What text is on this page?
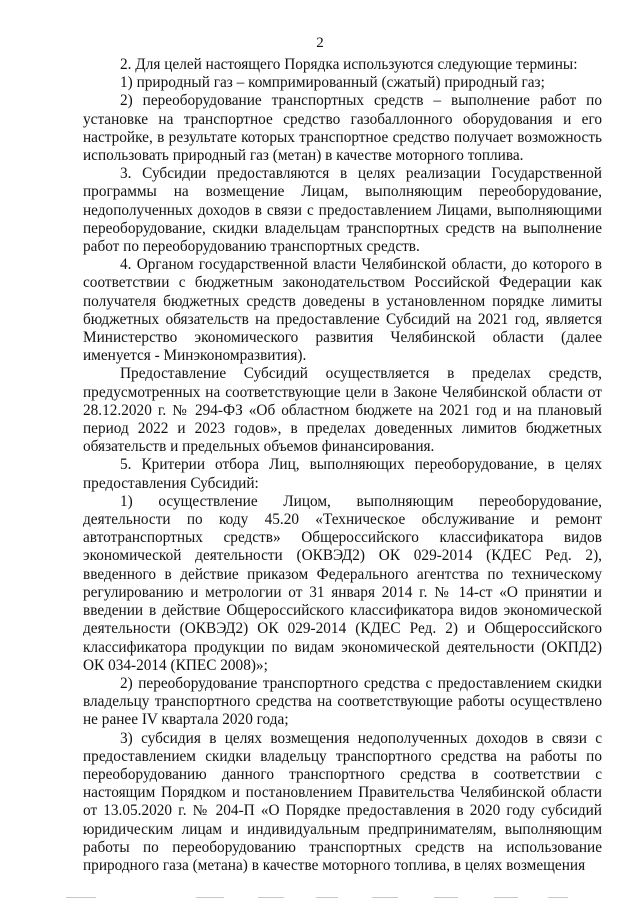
2

2. Для целей настоящего Порядка используются следующие термины:

1) природный газ – компримированный (сжатый) природный газ;

2) переоборудование транспортных средств – выполнение работ по установке на транспортное средство газобаллонного оборудования и его настройке, в результате которых транспортное средство получает возможность использовать природный газ (метан) в качестве моторного топлива.

3. Субсидии предоставляются в целях реализации Государственной программы на возмещение Лицам, выполняющим переоборудование, недополученных доходов в связи с предоставлением Лицами, выполняющими переоборудование, скидки владельцам транспортных средств на выполнение работ по переоборудованию транспортных средств.

4. Органом государственной власти Челябинской области, до которого в соответствии с бюджетным законодательством Российской Федерации как получателя бюджетных средств доведены в установленном порядке лимиты бюджетных обязательств на предоставление Субсидий на 2021 год, является Министерство экономического развития Челябинской области (далее именуется - Минэкономразвития).

Предоставление Субсидий осуществляется в пределах средств, предусмотренных на соответствующие цели в Законе Челябинской области от 28.12.2020 г. № 294-ФЗ «Об областном бюджете на 2021 год и на плановый период 2022 и 2023 годов», в пределах доведенных лимитов бюджетных обязательств и предельных объемов финансирования.

5. Критерии отбора Лиц, выполняющих переоборудование, в целях предоставления Субсидий:

1) осуществление Лицом, выполняющим переоборудование, деятельности по коду 45.20 «Техническое обслуживание и ремонт автотранспортных средств» Общероссийского классификатора видов экономической деятельности (ОКВЭД2) ОК 029-2014 (КДЕС Ред. 2), введенного в действие приказом Федерального агентства по техническому регулированию и метрологии от 31 января 2014 г. № 14-ст «О принятии и введении в действие Общероссийского классификатора видов экономической деятельности (ОКВЭД2) ОК 029-2014 (КДЕС Ред. 2) и Общероссийского классификатора продукции по видам экономической деятельности (ОКПД2) ОК 034-2014 (КПЕС 2008)»;

2) переоборудование транспортного средства с предоставлением скидки владельцу транспортного средства на соответствующие работы осуществлено не ранее IV квартала 2020 года;

3) субсидия в целях возмещения недополученных доходов в связи с предоставлением скидки владельцу транспортного средства на работы по переоборудованию данного транспортного средства в соответствии с настоящим Порядком и постановлением Правительства Челябинской области от 13.05.2020 г. № 204-П «О Порядке предоставления в 2020 году субсидий юридическим лицам и индивидуальным предпринимателям, выполняющим работы по переоборудованию транспортных средств на использование природного газа (метана) в качестве моторного топлива, в целях возмещения
